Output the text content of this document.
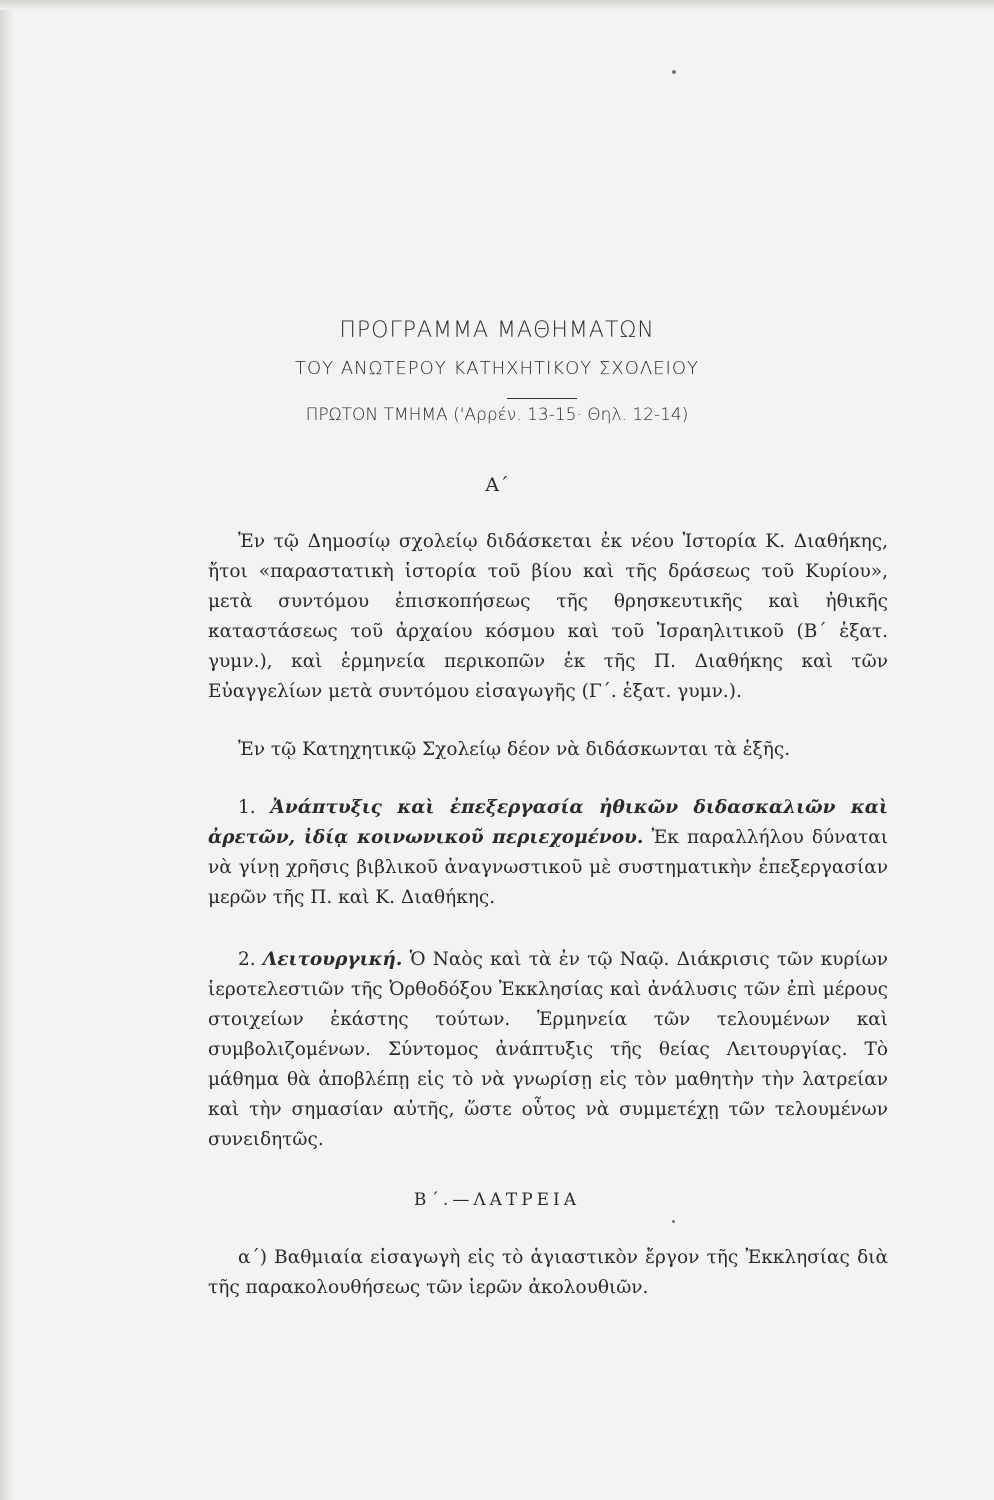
ΠΡΟΓΡΑΜΜΑ ΜΑΘΗΜΑΤΩΝ
ΤΟΥ ΑΝΩΤΕΡΟΥ ΚΑΤΗΧΗΤΙΚΟΥ ΣΧΟΛΕΙΟΥ
ΠΡΩΤΟΝ ΤΜΗΜΑ ('Αρρέν. 13-15· Θηλ. 12-14)
Α΄

Ἐν τῷ Δημοσίῳ σχολείῳ διδάσκεται ἐκ νέου Ἱστορία Κ. Διαθήκης, ἤτοι «παραστατικὴ ἱστορία τοῦ βίου καὶ τῆς δράσεως τοῦ Κυρίου», μετὰ συντόμου ἐπισκοπήσεως τῆς θρησκευτικῆς καὶ ἠθικῆς καταστάσεως τοῦ ἀρχαίου κόσμου καὶ τοῦ Ἰσραηλιτικοῦ (Β΄ ἑξατ. γυμν.), καὶ ἑρμηνεία περικοπῶν ἐκ τῆς Π. Διαθήκης καὶ τῶν Εὐαγγελίων μετὰ συντόμου εἰσαγωγῆς (Γ΄. ἑξατ. γυμν.).

Ἐν τῷ Κατηχητικῷ Σχολείῳ δέον νὰ διδάσκωνται τὰ ἑξῆς.

1. Ἀνάπτυξις καὶ ἐπεξεργασία ἠθικῶν διδασκαλιῶν καὶ ἀρετῶν, ἰδίᾳ κοινωνικοῦ περιεχομένου. Ἐκ παραλλήλου δύναται νὰ γίνῃ χρῆσις βιβλικοῦ ἀναγνωστικοῦ μὲ συστηματικὴν ἐπεξεργασίαν μερῶν τῆς Π. καὶ Κ. Διαθήκης.

2. Λειτουργική. Ὁ Ναὸς καὶ τὰ ἐν τῷ Ναῷ. Διάκρισις τῶν κυρίων ἱεροτελεστιῶν τῆς Ὀρθοδόξου Ἐκκλησίας καὶ ἀνάλυσις τῶν ἐπὶ μέρους στοιχείων ἑκάστης τούτων. Ἑρμηνεία τῶν τελουμένων καὶ συμβολιζομένων. Σύντομος ἀνάπτυξις τῆς θείας Λειτουργίας. Τὸ μάθημα θὰ ἀποβλέπῃ εἰς τὸ νὰ γνωρίσῃ εἰς τὸν μαθητὴν τὴν λατρείαν καὶ τὴν σημασίαν αὐτῆς, ὥστε οὗτος νὰ συμμετέχῃ τῶν τελουμένων συνειδητῶς.

Β΄.—ΛΑΤΡΕΙΑ

α΄) Βαθμιαία εἰσαγωγὴ εἰς τὸ ἁγιαστικὸν ἔργον τῆς Ἐκκλησίας διὰ τῆς παρακολουθήσεως τῶν ἱερῶν ἀκολουθιῶν.
